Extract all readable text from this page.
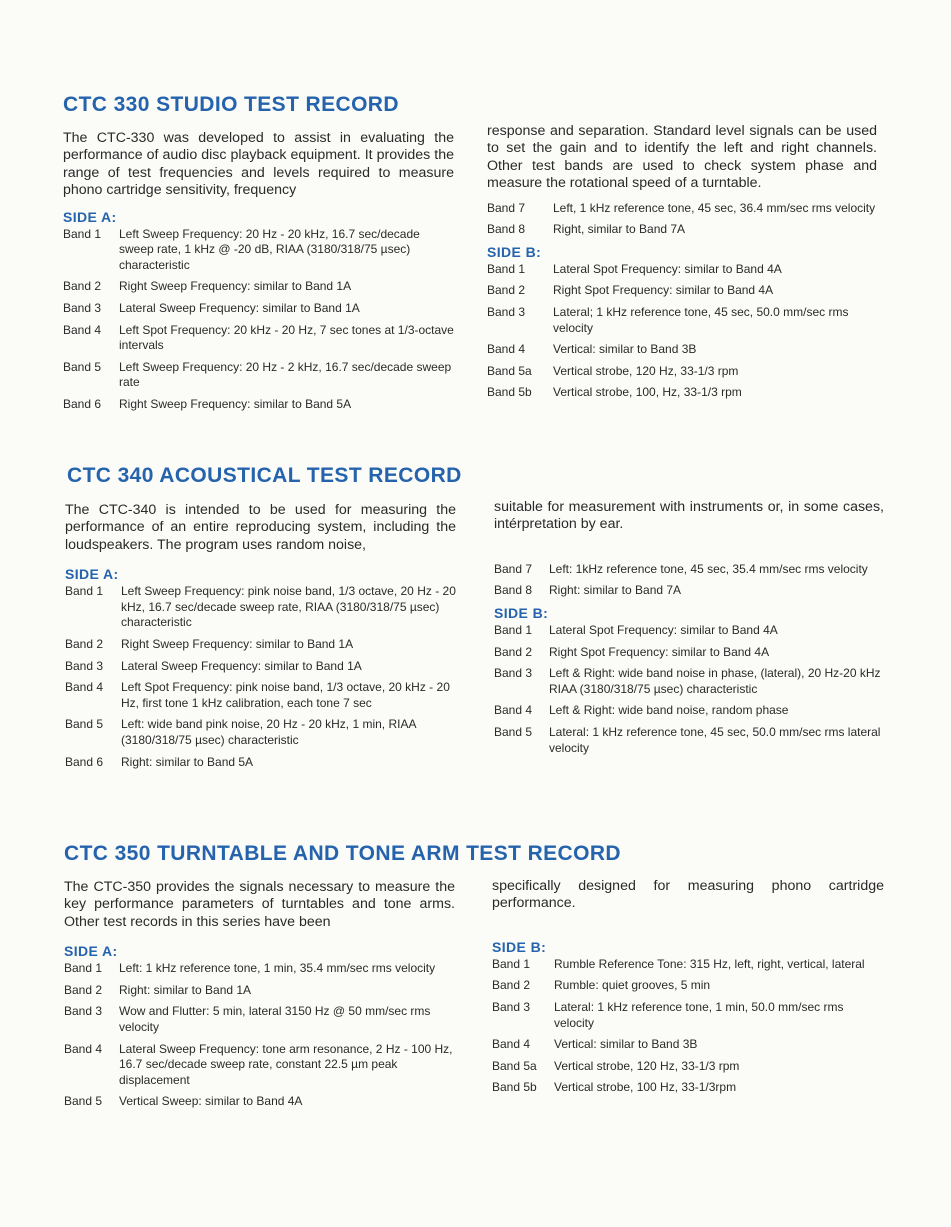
CTC 330 STUDIO TEST RECORD

The CTC-330 was developed to assist in evaluating the performance of audio disc playback equipment. It provides the range of test frequencies and levels required to measure phono cartridge sensitivity, frequency

SIDE A:

Band 1	Left Sweep Frequency: 20 Hz - 20 kHz, 16.7 sec/decade sweep rate, 1 kHz @ -20 dB, RIAA (3180/318/75 µsec) characteristic
Band 2	Right Sweep Frequency: similar to Band 1A
Band 3	Lateral Sweep Frequency: similar to Band 1A
Band 4	Left Spot Frequency: 20 kHz - 20 Hz, 7 sec tones at 1/3-octave intervals
Band 5	Left Sweep Frequency: 20 Hz - 2 kHz, 16.7 sec/decade sweep rate
Band 6	Right Sweep Frequency: similar to Band 5A

response and separation. Standard level signals can be used to set the gain and to identify the left and right channels. Other test bands are used to check system phase and measure the rotational speed of a turntable.

Band 7	Left, 1 kHz reference tone, 45 sec, 36.4 mm/sec rms velocity
Band 8	Right, similar to Band 7A

SIDE B:

Band 1	Lateral Spot Frequency: similar to Band 4A
Band 2	Right Spot Frequency: similar to Band 4A
Band 3	Lateral; 1 kHz reference tone, 45 sec, 50.0 mm/sec rms velocity
Band 4	Vertical: similar to Band 3B
Band 5a	Vertical strobe, 120 Hz, 33-1/3 rpm
Band 5b	Vertical strobe, 100, Hz, 33-1/3 rpm
CTC 340 ACOUSTICAL TEST RECORD

The CTC-340 is intended to be used for measuring the performance of an entire reproducing system, including the loudspeakers. The program uses random noise,

SIDE A:

Band 1	Left Sweep Frequency: pink noise band, 1/3 octave, 20 Hz - 20 kHz, 16.7 sec/decade sweep rate, RIAA (3180/318/75 µsec) characteristic
Band 2	Right Sweep Frequency: similar to Band 1A
Band 3	Lateral Sweep Frequency: similar to Band 1A
Band 4	Left Spot Frequency: pink noise band, 1/3 octave, 20 kHz - 20 Hz, first tone 1 kHz calibration, each tone 7 sec
Band 5	Left: wide band pink noise, 20 Hz - 20 kHz, 1 min, RIAA (3180/318/75 µsec) characteristic
Band 6	Right: similar to Band 5A

suitable for measurement with instruments or, in some cases, intérpretation by ear.

Band 7	Left: 1kHz reference tone, 45 sec, 35.4 mm/sec rms velocity
Band 8	Right: similar to Band 7A

SIDE B:

Band 1	Lateral Spot Frequency: similar to Band 4A
Band 2	Right Spot Frequency: similar to Band 4A
Band 3	Left & Right: wide band noise in phase, (lateral), 20 Hz-20 kHz RIAA (3180/318/75 µsec) characteristic
Band 4	Left & Right: wide band noise, random phase
Band 5	Lateral: 1 kHz reference tone, 45 sec, 50.0 mm/sec rms lateral velocity
CTC 350 TURNTABLE AND TONE ARM TEST RECORD

The CTC-350 provides the signals necessary to measure the key performance parameters of turntables and tone arms. Other test records in this series have been

SIDE A:

Band 1	Left: 1 kHz reference tone, 1 min, 35.4 mm/sec rms velocity
Band 2	Right: similar to Band 1A
Band 3	Wow and Flutter: 5 min, lateral 3150 Hz @ 50 mm/sec rms velocity
Band 4	Lateral Sweep Frequency: tone arm resonance, 2 Hz - 100 Hz, 16.7 sec/decade sweep rate, constant 22.5 µm peak displacement
Band 5	Vertical Sweep: similar to Band 4A

specifically designed for measuring phono cartridge performance.

SIDE B:

Band 1	Rumble Reference Tone: 315 Hz, left, right, vertical, lateral
Band 2	Rumble: quiet grooves, 5 min
Band 3	Lateral: 1 kHz reference tone, 1 min, 50.0 mm/sec rms velocity
Band 4	Vertical: similar to Band 3B
Band 5a	Vertical strobe, 120 Hz, 33-1/3 rpm
Band 5b	Vertical strobe, 100 Hz, 33-1/3rpm
